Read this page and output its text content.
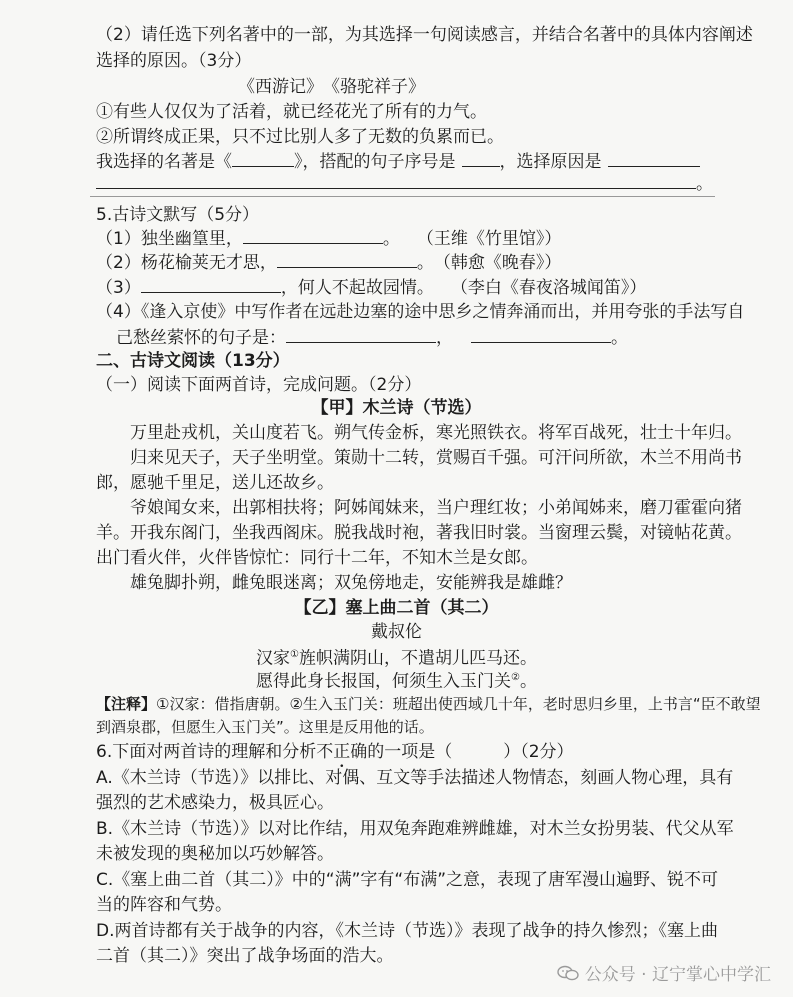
（2）请任选下列名著中的一部，为其选择一句阅读感言，并结合名著中的具体内容阐述
选择的原因。（3分）
《西游记》　《骆驼祥子》
①有些人仅仅为了活着，就已经花光了所有的力气。
②所谓终成正果，只不过比别人多了无数的负累而已。
我选择的名著是《	》，搭配的句子序号是	，选择原因是
。
5.古诗文默写（5分）
（1）独坐幽篁里，	。　　（王维《竹里馆》）
（2）杨花榆荚无才思，	。　（韩愈《晚春》）
（3）	，何人不起故园情。　　（李白《春夜洛城闻笛》）
（4）《逢入京使》中写作者在远赴边塞的途中思乡之情奔涌而出，并用夸张的手法写自
己愁丝萦怀的句子是：	，	。
二、古诗文阅读（13分）
（一）阅读下面两首诗，完成问题。（2分）
【甲】木兰诗（节选）
万里赴戎机，关山度若飞。朔气传金柝，寒光照铁衣。将军百战死，壮士十年归。
归来见天子，天子坐明堂。策勋十二转，赏赐百千强。可汗问所欲，木兰不用尚书
郎，愿驰千里足，送儿还故乡。
爷娘闻女来，出郭相扶将；阿姊闻妹来，当户理红妆；小弟闻姊来，磨刀霍霍向猪
羊。开我东阁门，坐我西阁床。脱我战时袍，著我旧时裳。当窗理云鬓，对镜帖花黄。
出门看火伴，火伴皆惊忙：同行十二年，不知木兰是女郎。
雄兔脚扑朔，雌兔眼迷离；双兔傍地走，安能辨我是雄雌？
【乙】塞上曲二首（其二）
戴叔伦
汉家①旌帜满阴山，不遣胡儿匹马还。
愿得此身长报国，何须生入玉门关②。
【注释】①汉家：借指唐朝。②生入玉门关：班超出使西域几十年，老时思归乡里，上书言“臣不敢望
到酒泉郡，但愿生入玉门关”。这里是反用他的话。
6.下面对两首诗的理解和分析不正确的一项是（　　　）（2分）
A.《木兰诗（节选）》以排比、对偶、互文等手法描述人物情态，刻画人物心理，具有
强烈的艺术感染力，极具匠心。
B.《木兰诗（节选）》以对比作结，用双兔奔跑难辨雌雄，对木兰女扮男装、代父从军
未被发现的奥秘加以巧妙解答。
C.《塞上曲二首（其二）》中的“满”字有“布满”之意，表现了唐军漫山遍野、锐不可
当的阵容和气势。
D.两首诗都有关于战争的内容，《木兰诗（节选）》表现了战争的持久惨烈；《塞上曲
二首（其二）》突出了战争场面的浩大。
公众号 · 辽宁掌心中学汇
